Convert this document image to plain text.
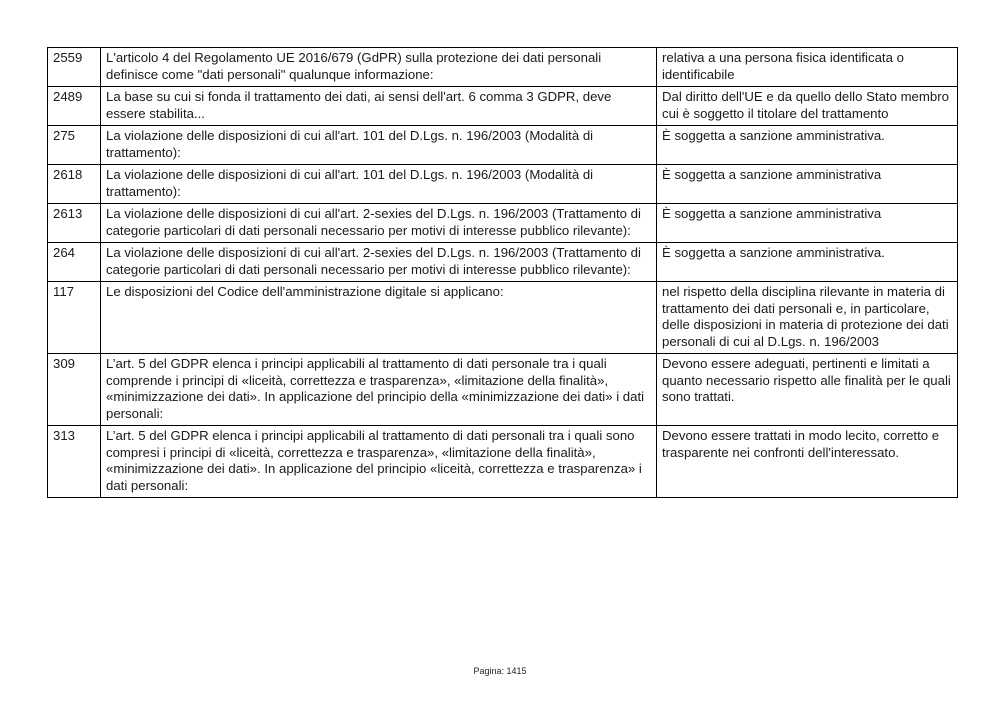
2559	L'articolo 4 del Regolamento UE 2016/679 (GdPR) sulla protezione dei dati personali definisce come "dati personali" qualunque informazione:	relativa a una persona fisica identificata o identificabile
2489	La base su cui si fonda il trattamento dei dati, ai sensi dell'art. 6 comma 3 GDPR, deve essere stabilita...	Dal diritto dell'UE e da quello dello Stato membro cui è soggetto il titolare del trattamento
275	La violazione delle disposizioni di cui all'art. 101 del D.Lgs. n. 196/2003 (Modalità di trattamento):	È soggetta a sanzione amministrativa.
2618	La violazione delle disposizioni di cui all'art. 101 del D.Lgs. n. 196/2003 (Modalità di trattamento):	È soggetta a sanzione amministrativa
2613	La violazione delle disposizioni di cui all'art. 2-sexies del D.Lgs. n. 196/2003 (Trattamento di categorie particolari di dati personali necessario per motivi di interesse pubblico rilevante):	È soggetta a sanzione amministrativa
264	La violazione delle disposizioni di cui all'art. 2-sexies del D.Lgs. n. 196/2003 (Trattamento di categorie particolari di dati personali necessario per motivi di interesse pubblico rilevante):	È soggetta a sanzione amministrativa.
117	Le disposizioni del Codice dell'amministrazione digitale si applicano:	nel rispetto della disciplina rilevante in materia di trattamento dei dati personali e, in particolare, delle disposizioni in materia di protezione dei dati personali di cui al D.Lgs. n. 196/2003
309	L’art. 5 del GDPR elenca i principi applicabili al trattamento di dati personale tra i quali comprende i principi di «liceità, correttezza e trasparenza», «limitazione della finalità», «minimizzazione dei dati». In applicazione del principio della «minimizzazione dei dati» i dati personali:	Devono essere adeguati, pertinenti e limitati a quanto necessario rispetto alle finalità per le quali sono trattati.
313	L’art. 5 del GDPR elenca i principi applicabili al trattamento di dati personali tra i quali sono compresi i principi di «liceità, correttezza e trasparenza», «limitazione della finalità», «minimizzazione dei dati». In applicazione del principio «liceità, correttezza e trasparenza» i dati personali:	Devono essere trattati in modo lecito, corretto e trasparente nei confronti dell'interessato.
Pagina: 1415
